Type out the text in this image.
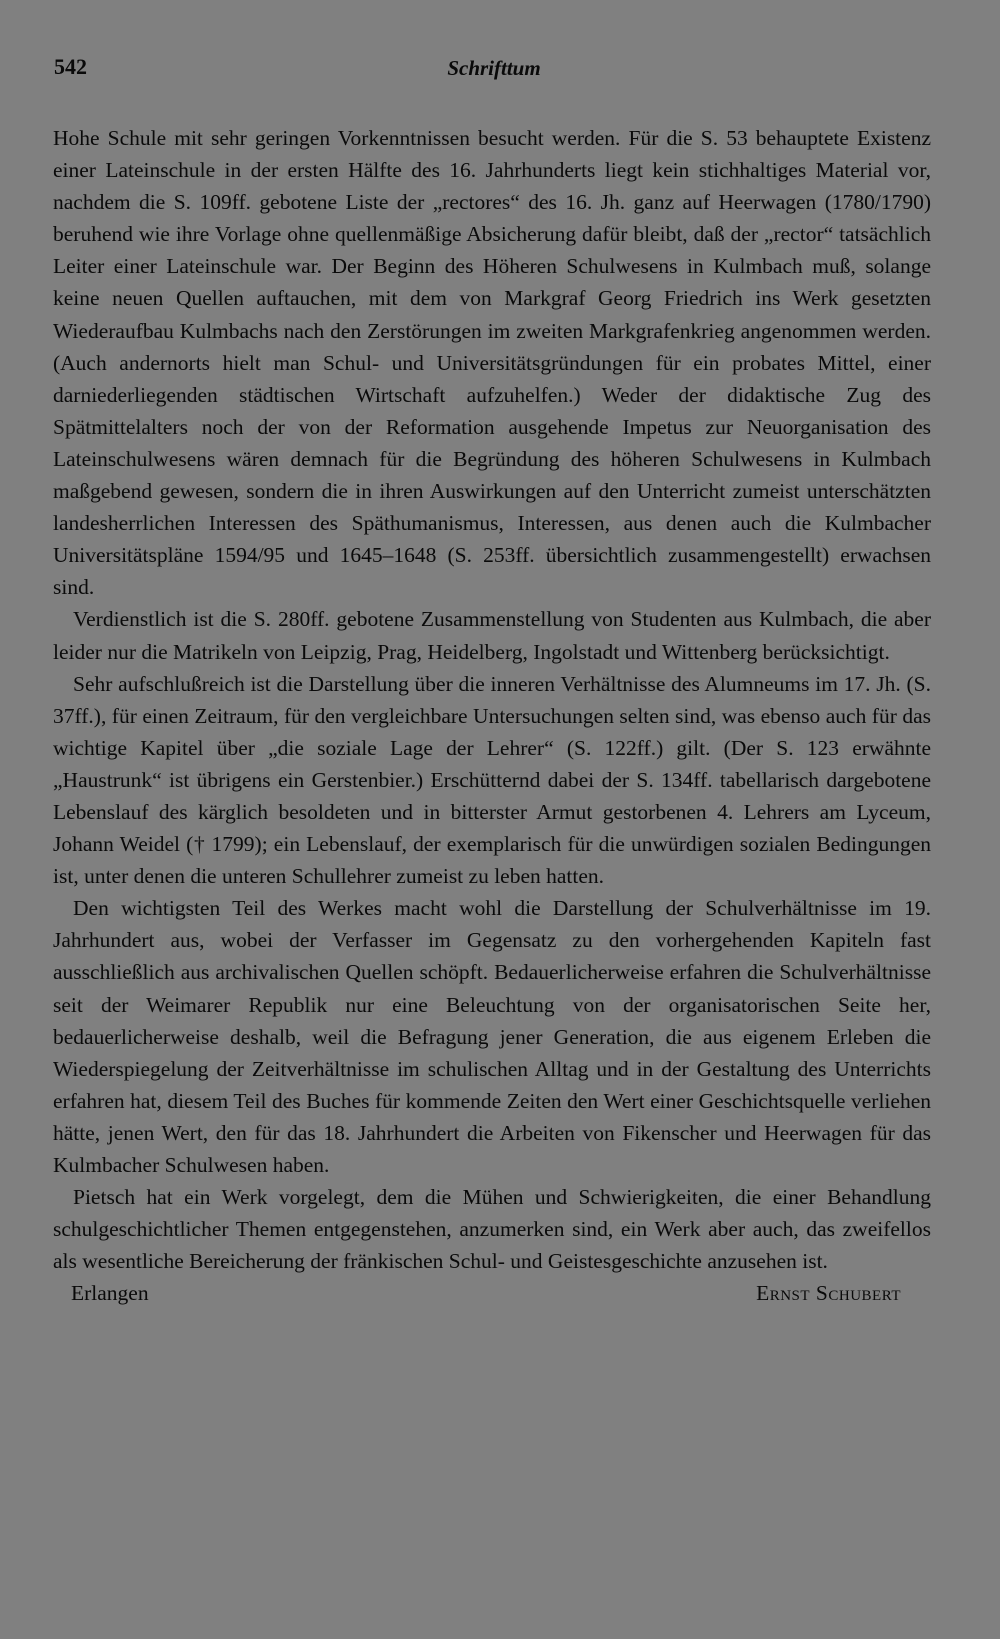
542	Schrifttum

Hohe Schule mit sehr geringen Vorkenntnissen besucht werden. Für die S. 53 behauptete Existenz einer Lateinschule in der ersten Hälfte des 16. Jahrhunderts liegt kein stichhaltiges Material vor, nachdem die S. 109ff. gebotene Liste der „rectores“ des 16. Jh. ganz auf Heerwagen (1780/1790) beruhend wie ihre Vorlage ohne quellenmäßige Absicherung dafür bleibt, daß der „rector“ tatsächlich Leiter einer Lateinschule war. Der Beginn des Höheren Schulwesens in Kulmbach muß, solange keine neuen Quellen auftauchen, mit dem von Markgraf Georg Friedrich ins Werk gesetzten Wiederaufbau Kulmbachs nach den Zerstörungen im zweiten Markgrafenkrieg angenommen werden. (Auch andernorts hielt man Schul- und Universitätsgründungen für ein probates Mittel, einer darniederliegenden städtischen Wirtschaft aufzuhelfen.) Weder der didaktische Zug des Spätmittelalters noch der von der Reformation ausgehende Impetus zur Neuorganisation des Lateinschulwesens wären demnach für die Begründung des höheren Schulwesens in Kulmbach maßgebend gewesen, sondern die in ihren Auswirkungen auf den Unterricht zumeist unterschätzten landesherrlichen Interessen des Späthumanismus, Interessen, aus denen auch die Kulmbacher Universitätspläne 1594/95 und 1645–1648 (S. 253ff. übersichtlich zusammengestellt) erwachsen sind.

Verdienstlich ist die S. 280ff. gebotene Zusammenstellung von Studenten aus Kulmbach, die aber leider nur die Matrikeln von Leipzig, Prag, Heidelberg, Ingolstadt und Wittenberg berücksichtigt.

Sehr aufschlußreich ist die Darstellung über die inneren Verhältnisse des Alumneums im 17. Jh. (S. 37ff.), für einen Zeitraum, für den vergleichbare Untersuchungen selten sind, was ebenso auch für das wichtige Kapitel über „die soziale Lage der Lehrer“ (S. 122ff.) gilt. (Der S. 123 erwähnte „Haustrunk“ ist übrigens ein Gerstenbier.) Erschütternd dabei der S. 134ff. tabellarisch dargebotene Lebenslauf des kärglich besoldeten und in bitterster Armut gestorbenen 4. Lehrers am Lyceum, Johann Weidel († 1799); ein Lebenslauf, der exemplarisch für die unwürdigen sozialen Bedingungen ist, unter denen die unteren Schullehrer zumeist zu leben hatten.

Den wichtigsten Teil des Werkes macht wohl die Darstellung der Schulverhältnisse im 19. Jahrhundert aus, wobei der Verfasser im Gegensatz zu den vorhergehenden Kapiteln fast ausschließlich aus archivalischen Quellen schöpft. Bedauerlicherweise erfahren die Schulverhältnisse seit der Weimarer Republik nur eine Beleuchtung von der organisatorischen Seite her, bedauerlicherweise deshalb, weil die Befragung jener Generation, die aus eigenem Erleben die Wiederspiegelung der Zeitverhältnisse im schulischen Alltag und in der Gestaltung des Unterrichts erfahren hat, diesem Teil des Buches für kommende Zeiten den Wert einer Geschichtsquelle verliehen hätte, jenen Wert, den für das 18. Jahrhundert die Arbeiten von Fikenscher und Heerwagen für das Kulmbacher Schulwesen haben.

Pietsch hat ein Werk vorgelegt, dem die Mühen und Schwierigkeiten, die einer Behandlung schulgeschichtlicher Themen entgegenstehen, anzumerken sind, ein Werk aber auch, das zweifellos als wesentliche Bereicherung der fränkischen Schul- und Geistesgeschichte anzusehen ist.

Erlangen	Ernst Schubert
